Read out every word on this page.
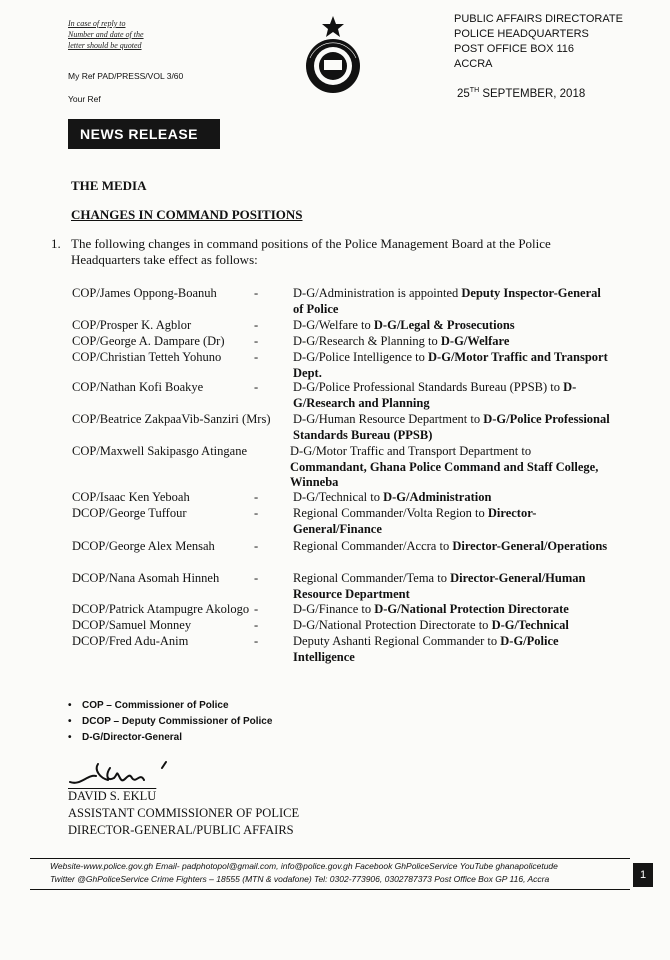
In case of reply to
Number and date of the
letter should be quoted
My Ref PAD/PRESS/VOL 3/60
Your Ref
PUBLIC AFFAIRS DIRECTORATE
POLICE HEADQUARTERS
POST OFFICE BOX 116
ACCRA
25TH SEPTEMBER, 2018
NEWS RELEASE
THE MEDIA
CHANGES IN COMMAND POSITIONS
1. The following changes in command positions of the Police Management Board at the Police Headquarters take effect as follows:
COP/James Oppong-Boanuh	-	D-G/Administration is appointed Deputy Inspector-General of Police
COP/Prosper K. Agblor	-	D-G/Welfare to D-G/Legal & Prosecutions
COP/George A. Dampare (Dr) -	D-G/Research & Planning to D-G/Welfare
COP/Christian Tetteh Yohuno	-	D-G/Police Intelligence to D-G/Motor Traffic and Transport Dept.
COP/Nathan Kofi Boakye	-	D-G/Police Professional Standards Bureau (PPSB) to D-G/Research and Planning
COP/Beatrice ZakpaaVib-Sanziri (Mrs) D-G/Human Resource Department to D-G/Police Professional Standards Bureau (PPSB)
COP/Maxwell Sakipasgo Atingane	D-G/Motor Traffic and Transport Department to Commandant, Ghana Police Command and Staff College, Winneba
COP/Isaac Ken Yeboah	-	D-G/Technical to D-G/Administration
DCOP/George Tuffour	-	Regional Commander/Volta Region to Director-General/Finance
DCOP/George Alex Mensah	-	Regional Commander/Accra to Director-General/Operations
DCOP/Nana Asomah Hinneh	-	Regional Commander/Tema to Director-General/Human Resource Department
DCOP/Patrick Atampugre Akologo -	D-G/Finance to D-G/National Protection Directorate
DCOP/Samuel Monney	-	D-G/National Protection Directorate to D-G/Technical
DCOP/Fred Adu-Anim	-	Deputy Ashanti Regional Commander to D-G/Police Intelligence
• COP – Commissioner of Police
• DCOP – Deputy Commissioner of Police
• D-G/Director-General
DAVID S. EKLU
ASSISTANT COMMISSIONER OF POLICE
DIRECTOR-GENERAL/PUBLIC AFFAIRS
Website-www.police.gov.gh Email- padphotopol@gmail.com, info@police.gov.gh Facebook GhPoliceService YouTube ghanapolicetude
Twitter @GhPoliceService Crime Fighters – 18555 (MTN & vodafone) Tel: 0302-773906, 0302787373 Post Office Box GP 116, Accra	1
